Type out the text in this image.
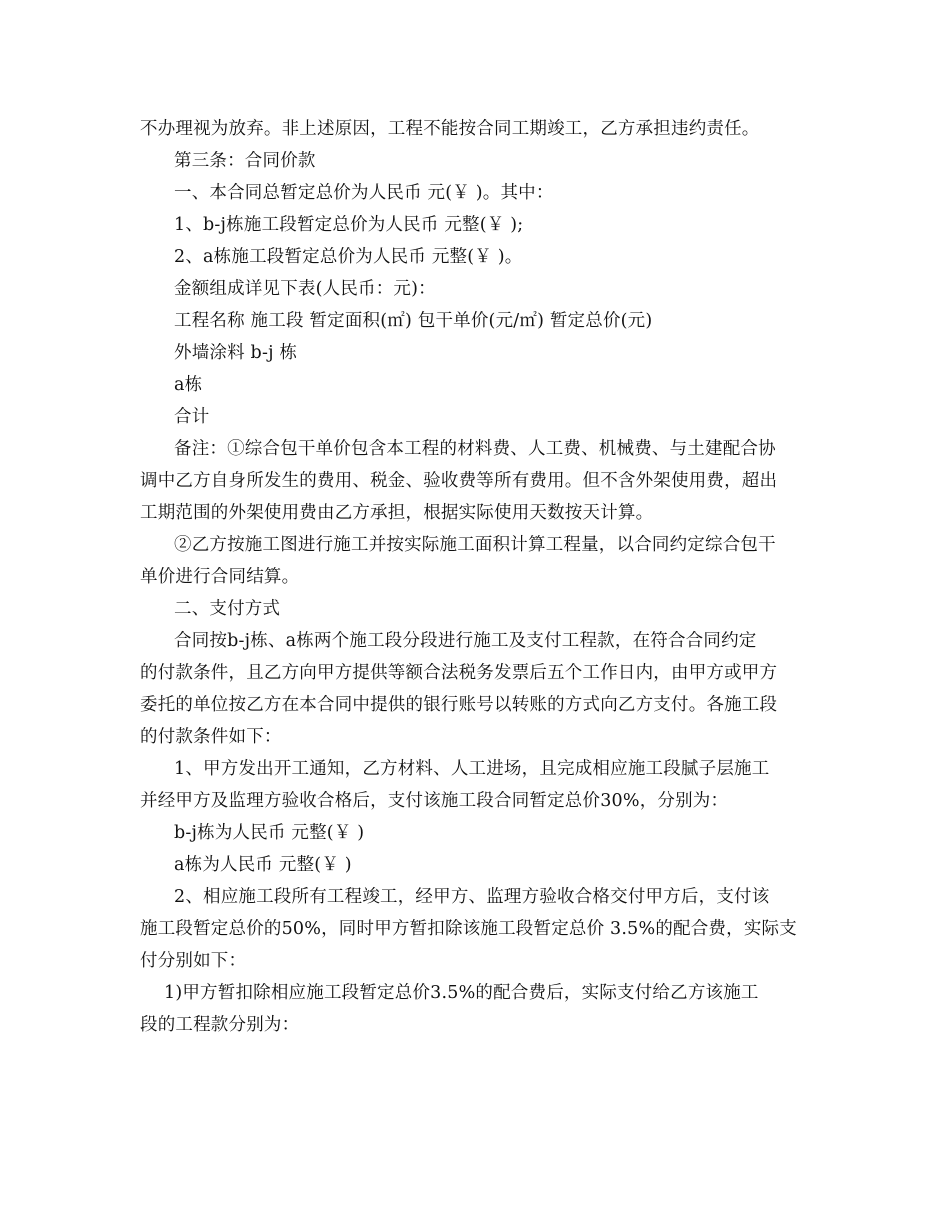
不办理视为放弃。非上述原因，工程不能按合同工期竣工，乙方承担违约责任。
第三条：合同价款
一、本合同总暂定总价为人民币 元(￥ )。其中：
1、b-j栋施工段暂定总价为人民币 元整(￥ );
2、a栋施工段暂定总价为人民币 元整(￥ )。
金额组成详见下表(人民币：元)：
工程名称 施工段 暂定面积(㎡) 包干单价(元/㎡) 暂定总价(元)
外墙涂料 b-j 栋
a栋
合计
备注：①综合包干单价包含本工程的材料费、人工费、机械费、与土建配合协
调中乙方自身所发生的费用、税金、验收费等所有费用。但不含外架使用费，超出
工期范围的外架使用费由乙方承担，根据实际使用天数按天计算。
②乙方按施工图进行施工并按实际施工面积计算工程量，以合同约定综合包干
单价进行合同结算。
二、支付方式
合同按b-j栋、a栋两个施工段分段进行施工及支付工程款，在符合合同约定
的付款条件，且乙方向甲方提供等额合法税务发票后五个工作日内，由甲方或甲方
委托的单位按乙方在本合同中提供的银行账号以转账的方式向乙方支付。各施工段
的付款条件如下：
1、甲方发出开工通知，乙方材料、人工进场，且完成相应施工段腻子层施工
并经甲方及监理方验收合格后，支付该施工段合同暂定总价30%，分别为：
b-j栋为人民币 元整(￥ )
a栋为人民币 元整(￥ )
2、相应施工段所有工程竣工，经甲方、监理方验收合格交付甲方后，支付该
施工段暂定总价的50%，同时甲方暂扣除该施工段暂定总价 3.5%的配合费，实际支
付分别如下：
1)甲方暂扣除相应施工段暂定总价3.5%的配合费后，实际支付给乙方该施工
段的工程款分别为：
